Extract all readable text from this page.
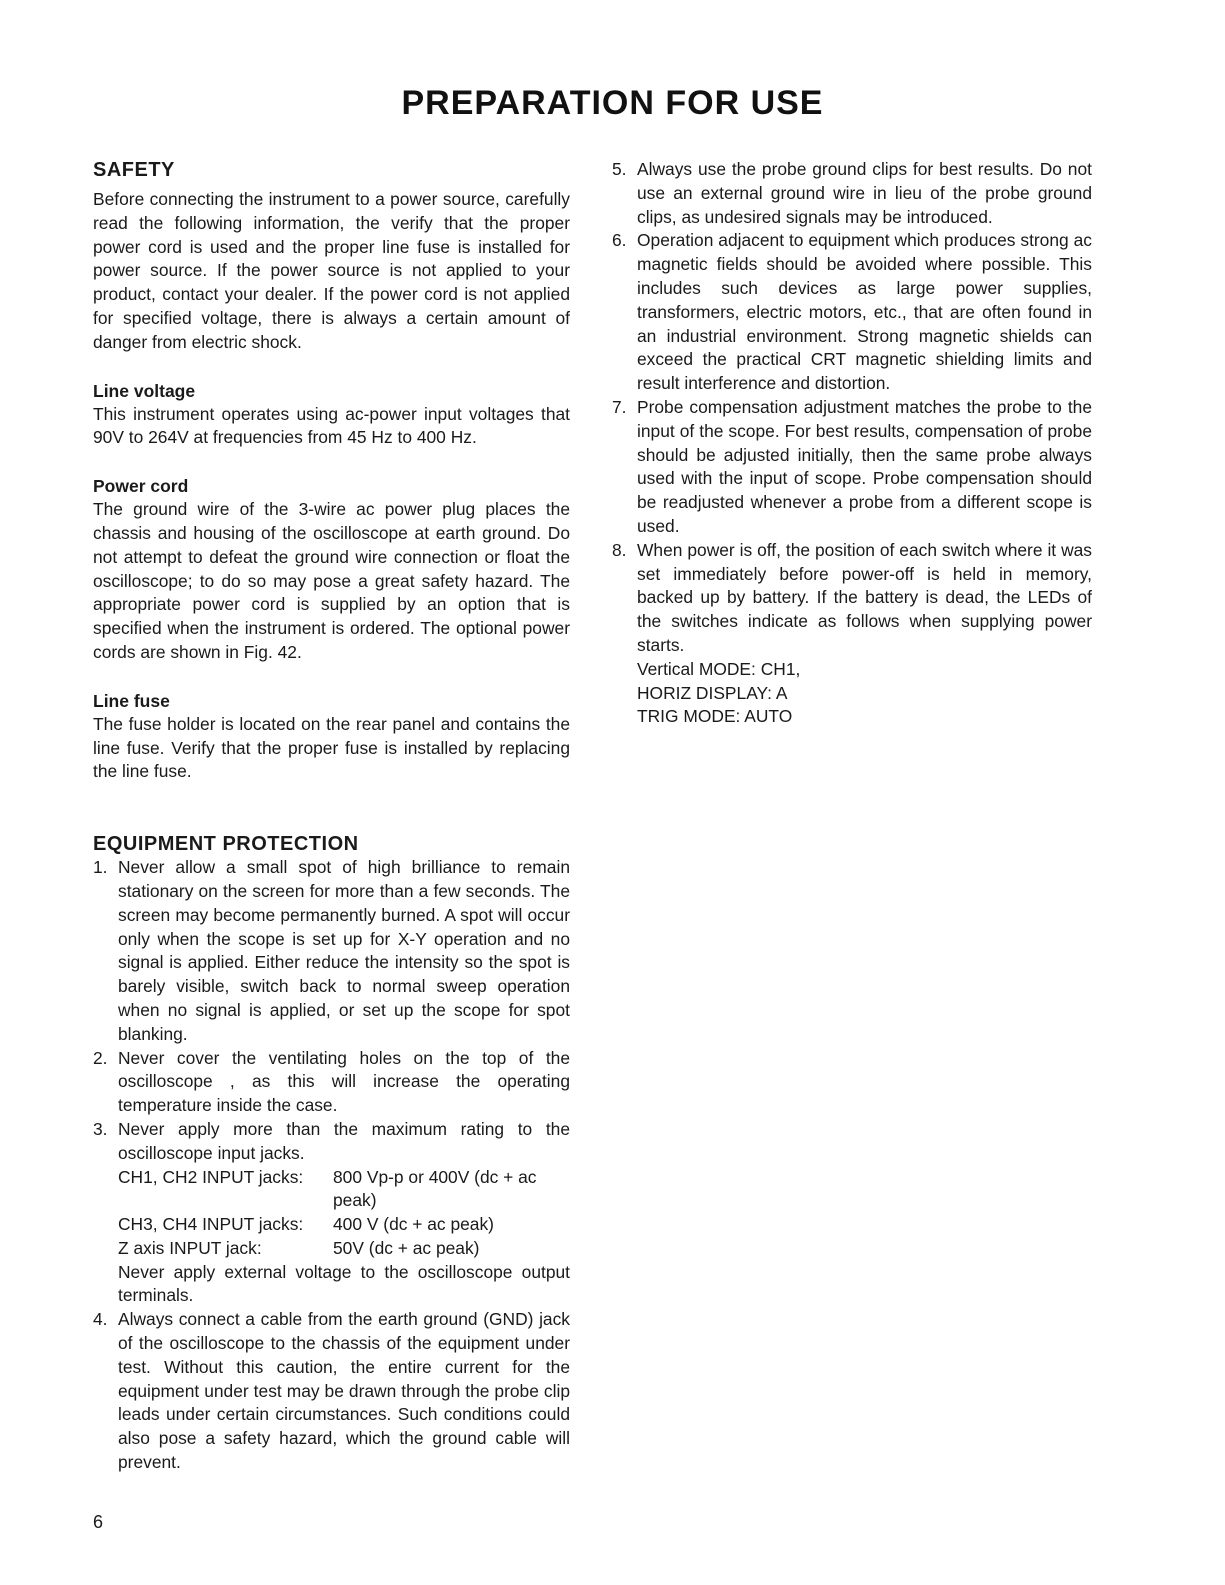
PREPARATION FOR USE
SAFETY

Before connecting the instrument to a power source, carefully read the following information, the verify that the proper power cord is used and the proper line fuse is installed for power source. If the power source is not applied to your product, contact your dealer. If the power cord is not applied for specified voltage, there is always a certain amount of danger from electric shock.

Line voltage

This instrument operates using ac-power input voltages that 90V to 264V at frequencies from 45 Hz to 400 Hz.

Power cord

The ground wire of the 3-wire ac power plug places the chassis and housing of the oscilloscope at earth ground. Do not attempt to defeat the ground wire connection or float the oscilloscope; to do so may pose a great safety hazard. The appropriate power cord is supplied by an option that is specified when the instrument is ordered. The optional power cords are shown in Fig. 42.

Line fuse

The fuse holder is located on the rear panel and contains the line fuse. Verify that the proper fuse is installed by replacing the line fuse.

EQUIPMENT PROTECTION
1. Never allow a small spot of high brilliance to remain stationary on the screen for more than a few seconds. The screen may become permanently burned. A spot will occur only when the scope is set up for X-Y operation and no signal is applied. Either reduce the intensity so the spot is barely visible, switch back to normal sweep operation when no signal is applied, or set up the scope for spot blanking.

2. Never cover the ventilating holes on the top of the oscilloscope , as this will increase the operating temperature inside the case.

3. Never apply more than the maximum rating to the oscilloscope input jacks.

CH1, CH2 INPUT jacks:	800 Vp-p or 400V (dc + ac peak)
CH3, CH4 INPUT jacks:	400 V (dc + ac peak)
Z axis INPUT jack:	50V (dc + ac peak)

Never apply external voltage to the oscilloscope output terminals.

4. Always connect a cable from the earth ground (GND) jack of the oscilloscope to the chassis of the equipment under test. Without this caution, the entire current for the equipment under test may be drawn through the probe clip leads under certain circumstances. Such conditions could also pose a safety hazard, which the ground cable will prevent.

5. Always use the probe ground clips for best results. Do not use an external ground wire in lieu of the probe ground clips, as undesired signals may be introduced.

6. Operation adjacent to equipment which produces strong ac magnetic fields should be avoided where possible. This includes such devices as large power supplies, transformers, electric motors, etc., that are often found in an industrial environment. Strong magnetic shields can exceed the practical CRT magnetic shielding limits and result interference and distortion.

7. Probe compensation adjustment matches the probe to the input of the scope. For best results, compensation of probe should be adjusted initially, then the same probe always used with the input of scope. Probe compensation should be readjusted whenever a probe from a different scope is used.

8. When power is off, the position of each switch where it was set immediately before power-off is held in memory, backed up by battery. If the battery is dead, the LEDs of the switches indicate as follows when supplying power starts.

Vertical MODE: CH1,
HORIZ DISPLAY: A
TRIG MODE: AUTO
6
